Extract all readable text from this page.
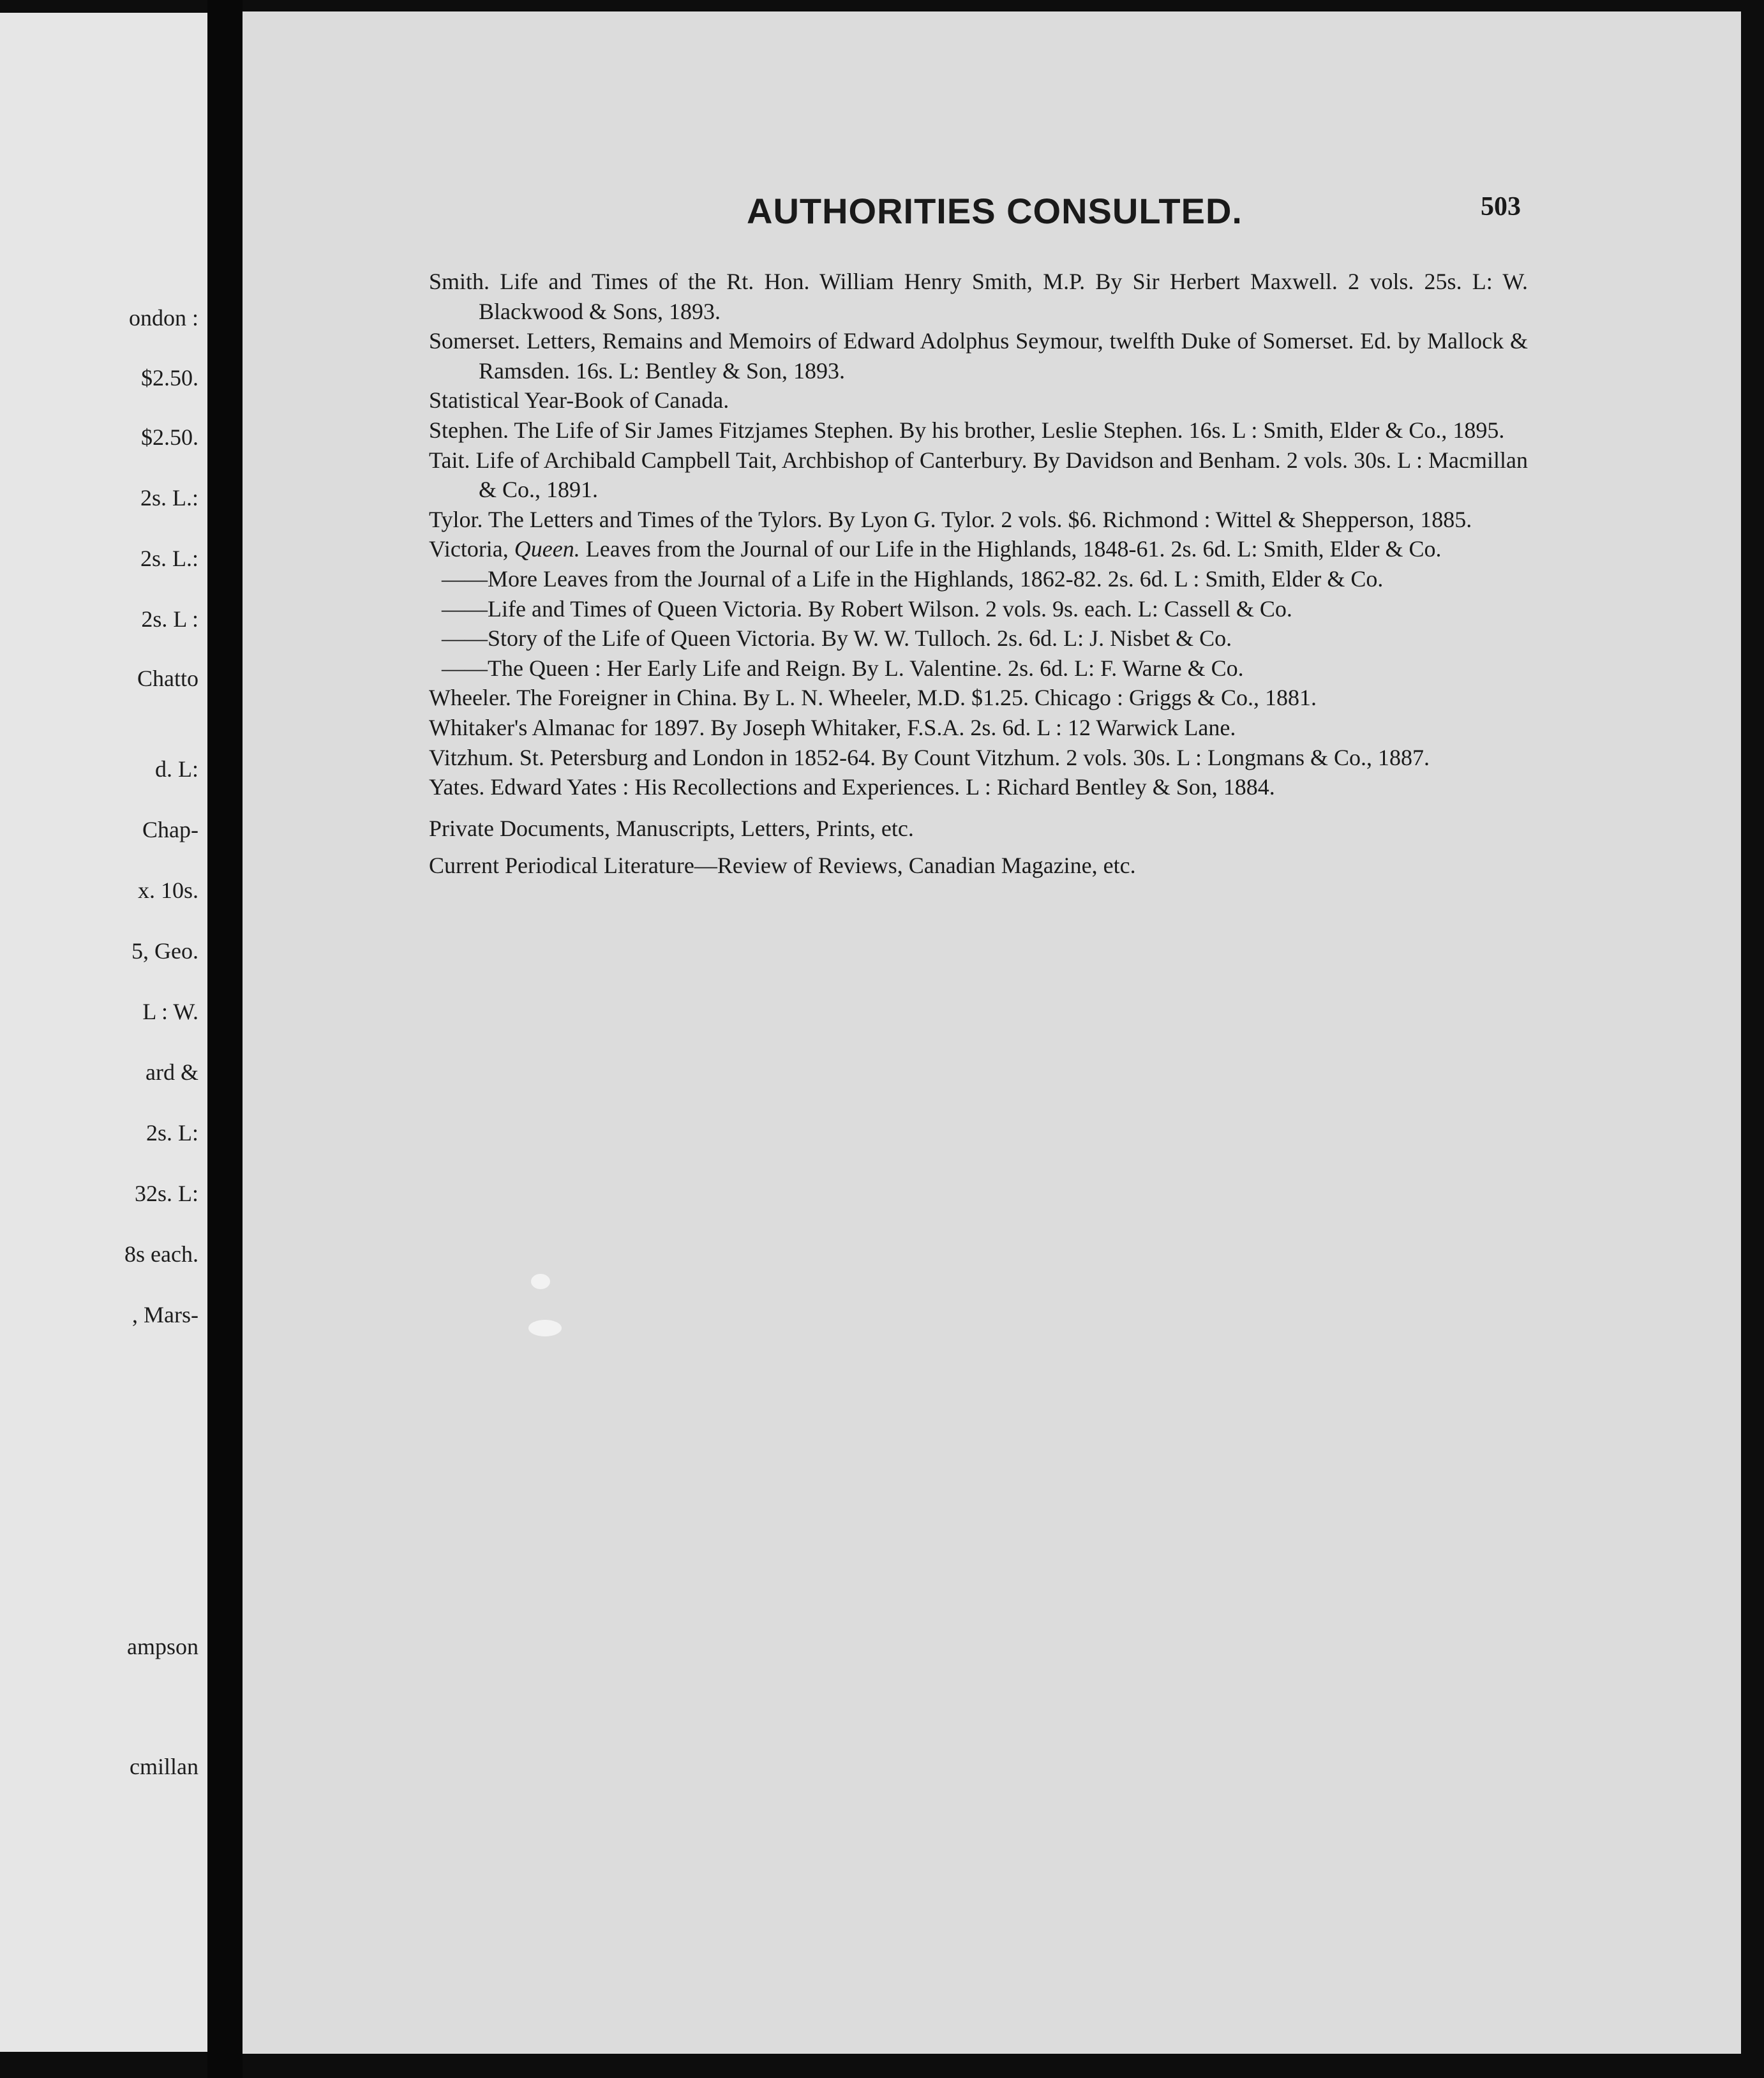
ondon :
$2.50.
$2.50.
2s. L.:
2s. L.:
2s. L :
Chatto
d. L:
Chap-
x. 10s.
5, Geo.
L : W.
ard &
2s. L:
32s. L:
8s each.
, Mars-
ampson
cmillan
AUTHORITIES CONSULTED.	503

Smith. Life and Times of the Rt. Hon. William Henry Smith, M.P. By Sir Herbert Maxwell. 2 vols. 25s. L: W. Blackwood & Sons, 1893.

Somerset. Letters, Remains and Memoirs of Edward Adolphus Seymour, twelfth Duke of Somerset. Ed. by Mallock & Ramsden. 16s. L: Bentley & Son, 1893.

Statistical Year-Book of Canada.

Stephen. The Life of Sir James Fitzjames Stephen. By his brother, Leslie Stephen. 16s. L : Smith, Elder & Co., 1895.

Tait. Life of Archibald Campbell Tait, Archbishop of Canterbury. By Davidson and Benham. 2 vols. 30s. L : Macmillan & Co., 1891.

Tylor. The Letters and Times of the Tylors. By Lyon G. Tylor. 2 vols. $6. Richmond : Wittel & Shepperson, 1885.

Victoria, Queen. Leaves from the Journal of our Life in the Highlands, 1848-61. 2s. 6d. L: Smith, Elder & Co.

——More Leaves from the Journal of a Life in the Highlands, 1862-82. 2s. 6d. L : Smith, Elder & Co.

——Life and Times of Queen Victoria. By Robert Wilson. 2 vols. 9s. each. L: Cassell & Co.

——Story of the Life of Queen Victoria. By W. W. Tulloch. 2s. 6d. L: J. Nisbet & Co.

——The Queen : Her Early Life and Reign. By L. Valentine. 2s. 6d. L: F. Warne & Co.

Wheeler. The Foreigner in China. By L. N. Wheeler, M.D. $1.25. Chicago : Griggs & Co., 1881.

Whitaker's Almanac for 1897. By Joseph Whitaker, F.S.A. 2s. 6d. L : 12 Warwick Lane.

Vitzhum. St. Petersburg and London in 1852-64. By Count Vitzhum. 2 vols. 30s. L : Longmans & Co., 1887.

Yates. Edward Yates : His Recollections and Experiences. L : Richard Bentley & Son, 1884.

Private Documents, Manuscripts, Letters, Prints, etc.

Current Periodical Literature—Review of Reviews, Canadian Magazine, etc.
